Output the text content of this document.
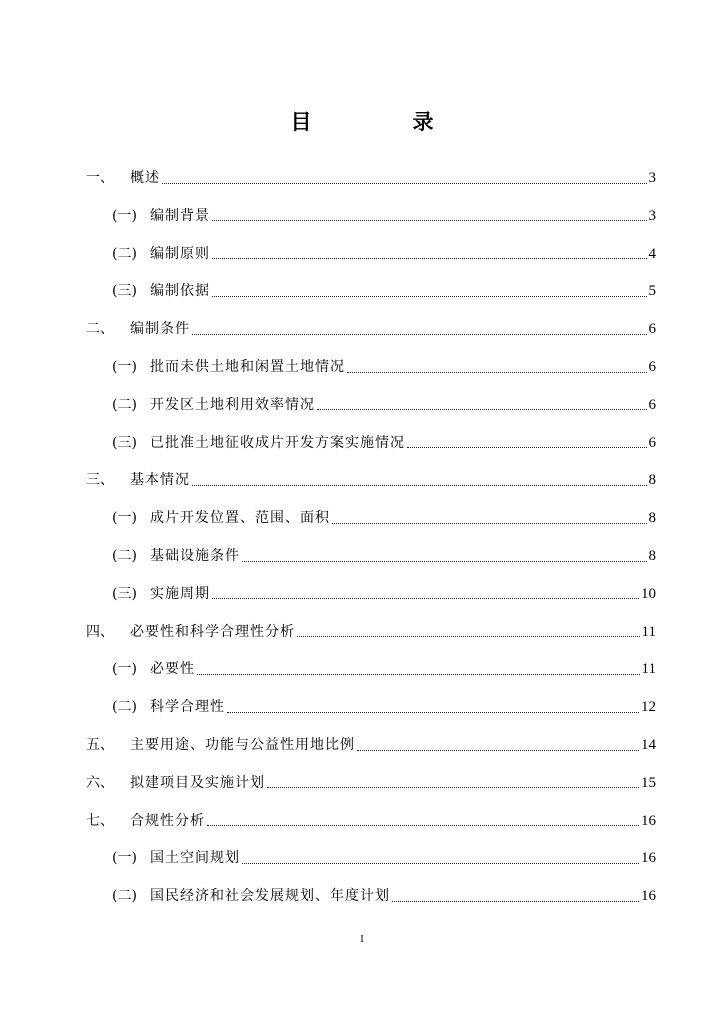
目　录
一、	概述	3
(一) 编制背景	3
(二) 编制原则	4
(三) 编制依据	5
二、	编制条件	6
(一) 批而未供土地和闲置土地情况	6
(二) 开发区土地利用效率情况	6
(三) 已批准土地征收成片开发方案实施情况	6
三、	基本情况	8
(一) 成片开发位置、范围、面积	8
(二) 基础设施条件	8
(三) 实施周期	10
四、	必要性和科学合理性分析	11
(一) 必要性	11
(二) 科学合理性	12
五、	主要用途、功能与公益性用地比例	14
六、	拟建项目及实施计划	15
七、	合规性分析	16
(一) 国土空间规划	16
(二) 国民经济和社会发展规划、年度计划	16
I
